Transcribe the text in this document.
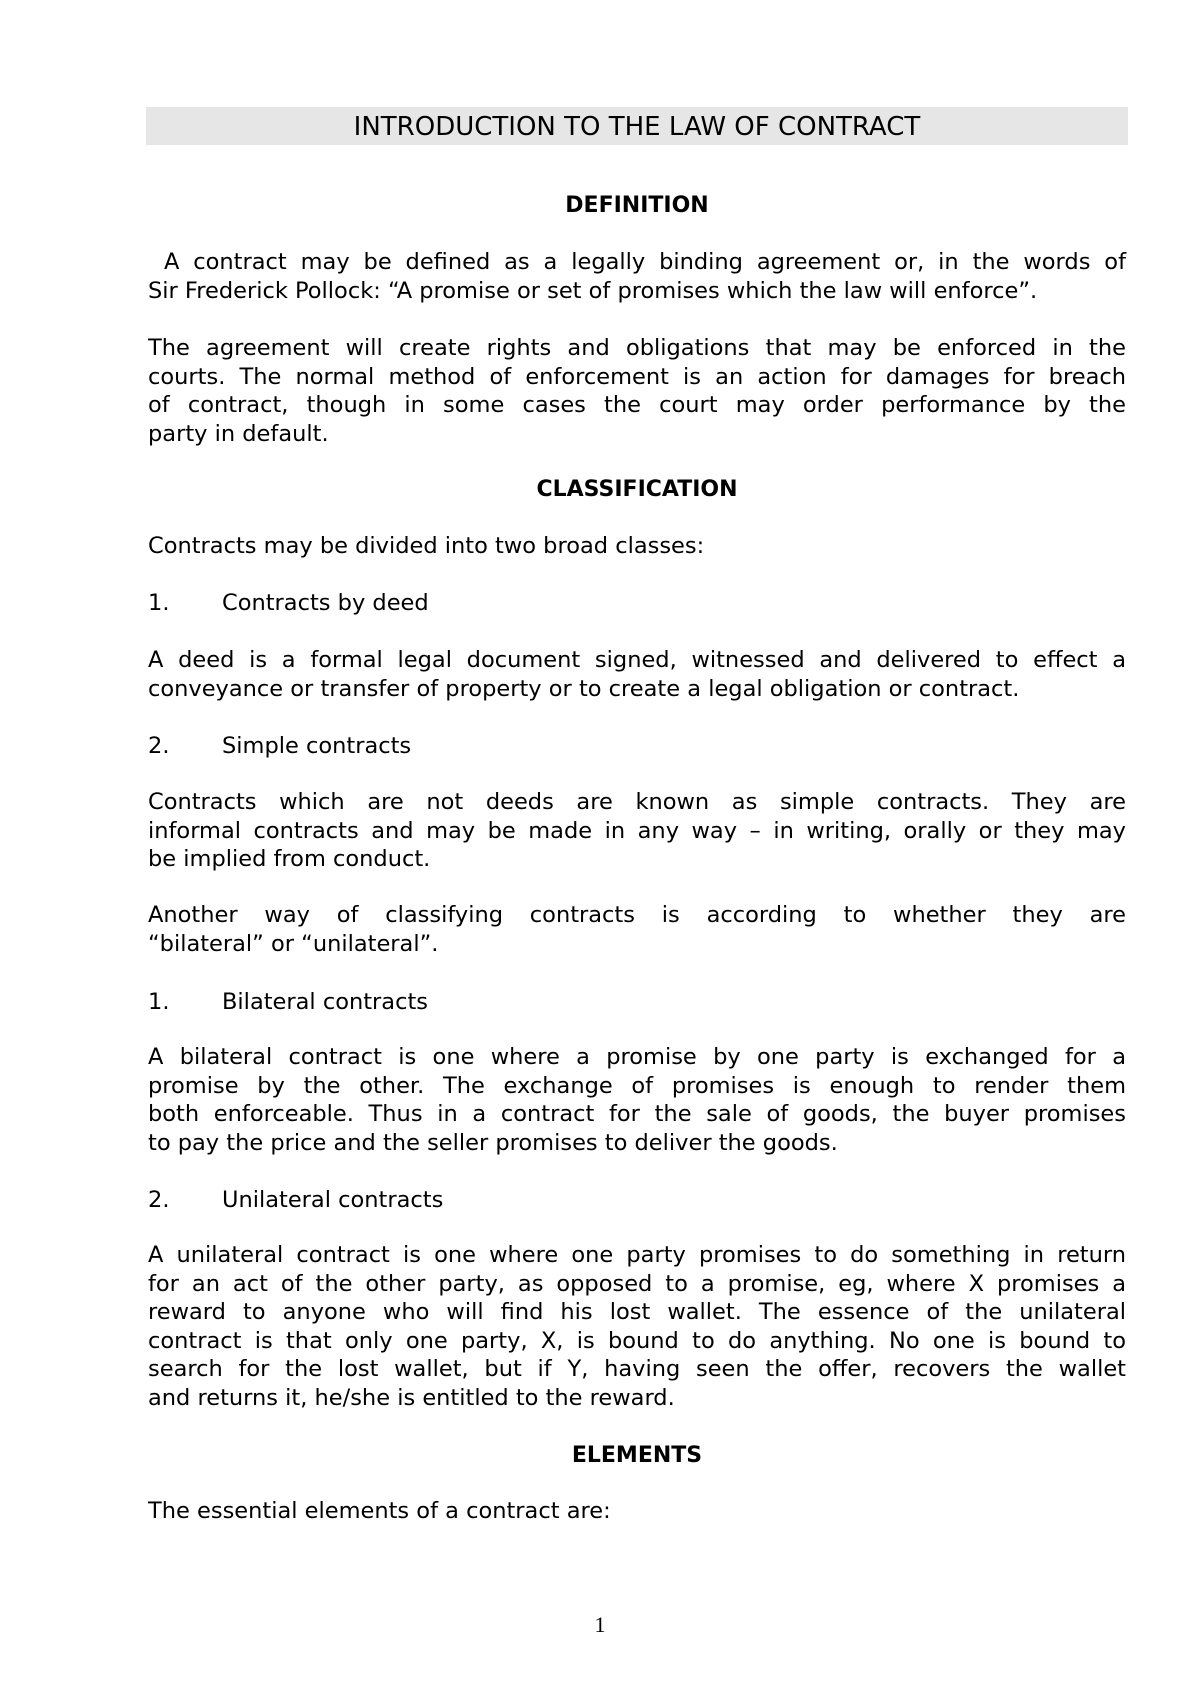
INTRODUCTION TO THE LAW OF CONTRACT
DEFINITION
A contract may be defined as a legally binding agreement or, in the words of
Sir Frederick Pollock: “A promise or set of promises which the law will enforce”.
The agreement will create rights and obligations that may be enforced in the
courts. The normal method of enforcement is an action for damages for breach
of contract, though in some cases the court may order performance by the
party in default.
CLASSIFICATION
Contracts may be divided into two broad classes:
1. Contracts by deed
A deed is a formal legal document signed, witnessed and delivered to effect a
conveyance or transfer of property or to create a legal obligation or contract.
2. Simple contracts
Contracts which are not deeds are known as simple contracts. They are
informal contracts and may be made in any way – in writing, orally or they may
be implied from conduct.
Another way of classifying contracts is according to whether they are
“bilateral” or “unilateral”.
1. Bilateral contracts
A bilateral contract is one where a promise by one party is exchanged for a
promise by the other. The exchange of promises is enough to render them
both enforceable. Thus in a contract for the sale of goods, the buyer promises
to pay the price and the seller promises to deliver the goods.
2. Unilateral contracts
A unilateral contract is one where one party promises to do something in return
for an act of the other party, as opposed to a promise, eg, where X promises a
reward to anyone who will find his lost wallet. The essence of the unilateral
contract is that only one party, X, is bound to do anything. No one is bound to
search for the lost wallet, but if Y, having seen the offer, recovers the wallet
and returns it, he/she is entitled to the reward.
ELEMENTS
The essential elements of a contract are:
1
